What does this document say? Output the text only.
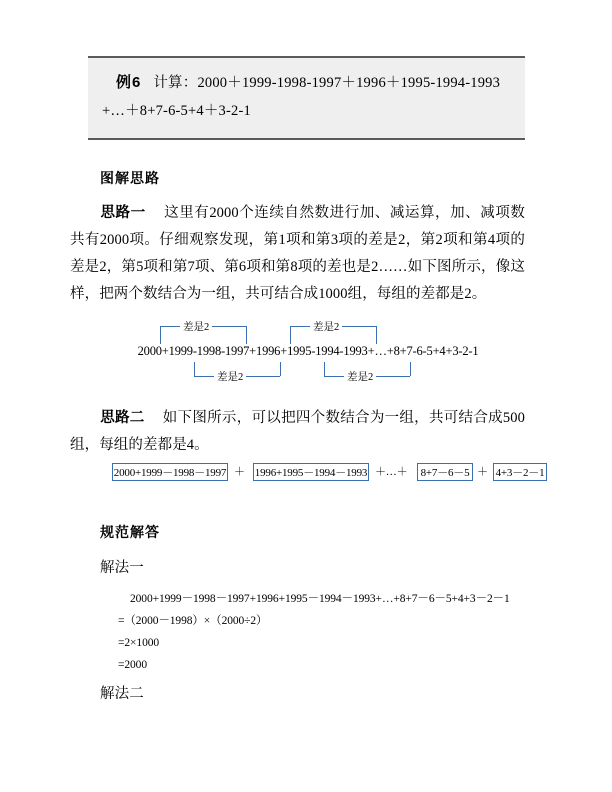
例6 计算：2000＋1999-1998-1997＋1996＋1995-1994-1993
+…＋8+7-6-5+4＋3-2-1
图解思路
思路一 这里有2000个连续自然数进行加、减运算，加、减项数共有2000项。仔细观察发现，第1项和第3项的差是2，第2项和第4项的差是2，第5项和第7项、第6项和第8项的差也是2……如下图所示，像这样，把两个数结合为一组，共可结合成1000组，每组的差都是2。
差是2	差是2
2000+1999-1998-1997+1996+1995-1994-1993+…+8+7-6-5+4+3-2-1
差是2	差是2
思路二 如下图所示，可以把四个数结合为一组，共可结合成500组，每组的差都是4。
2000+1999－1998－1997 ＋ 1996+1995－1994－1993 ＋…＋	8+7－6－5 ＋ 4+3－2－1
规范解答
解法一
2000+1999－1998－1997+1996+1995－1994－1993+…+8+7－6－5+4+3－2－1
=（2000－1998）×（2000÷2）
=2×1000
=2000
解法二
